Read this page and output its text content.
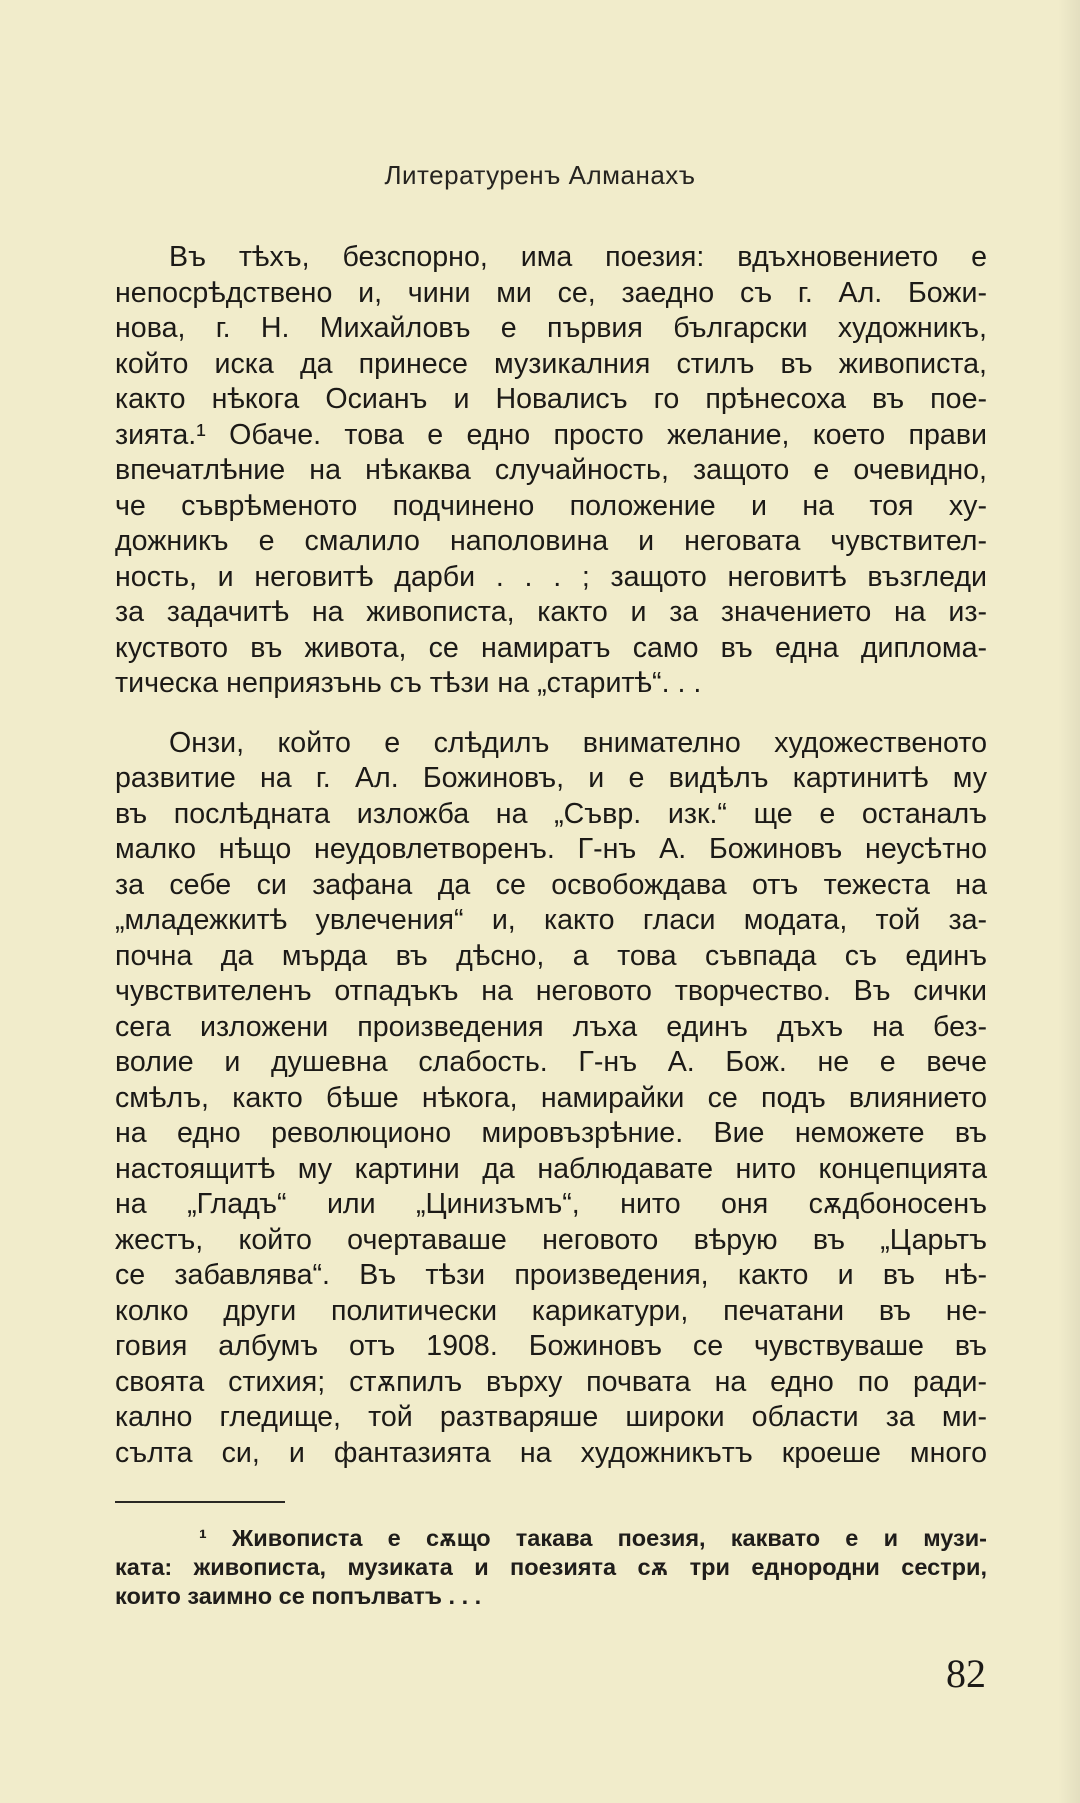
Литературенъ Алманахъ

Въ тѣхъ, безспорно, има поезия: вдъхновението е
непосрѣдствено и, чини ми се, заедно съ г. Ал. Божи-
нова, г. Н. Михайловъ е първия български художникъ,
който иска да принесе музикалния стилъ въ живописта,
както нѣкога Осианъ и Новалисъ го прѣнесоха въ пое-
зията.¹ Обаче. това е едно просто желание, което прави
впечатлѣние на нѣкаква случайность, защото е очевидно,
че съврѣменото подчинено положение и на тоя ху-
дожникъ е смалило наполовина и неговата чувствител-
ность, и неговитѣ дарби . . . ; защото неговитѣ възгледи
за задачитѣ на живописта, както и за значението на из-
куството въ живота, се намиратъ само въ една диплома-
тическа неприязънь съ тѣзи на „старитѣ“. . .

Онзи, който е слѣдилъ внимателно художественото
развитие на г. Ал. Божиновъ, и е видѣлъ картинитѣ му
въ послѣдната изложба на „Съвр. изк.“ ще е останалъ
малко нѣщо неудовлетворенъ. Г-нъ А. Божиновъ неусѣтно
за себе си зафана да се освобождава отъ тежеста на
„младежкитѣ увлечения“ и, както гласи модата, той за-
почна да мърда въ дѣсно, а това съвпада съ единъ
чувствителенъ отпадъкъ на неговото творчество. Въ сички
сега изложени произведения лъха единъ дъхъ на без-
волие и душевна слабость. Г-нъ А. Бож. не е вече
смѣлъ, както бѣше нѣкога, намирайки се подъ влиянието
на едно революционо мировъзрѣние. Вие неможете въ
настоящитѣ му картини да наблюдавате нито концепцията
на „Гладъ“ или „Цинизъмъ“, нито оня сѫдбоносенъ
жестъ, който очертаваше неговото вѣрую въ „Царьтъ
се забавлява“. Въ тѣзи произведения, както и въ нѣ-
колко други политически карикатури, печатани въ не-
говия албумъ отъ 1908. Божиновъ се чувствуваше въ
своята стихия; стѫпилъ върху почвата на едно по ради-
кално гледище, той разтваряше широки области за ми-
сълта си, и фантазията на художникътъ кроеше много

¹ Живописта е сѫщо такава поезия, каквато е и музи-
ката: живописта, музиката и поезията сѫ три еднородни сестри,
които заимно се попълватъ . . .
82
